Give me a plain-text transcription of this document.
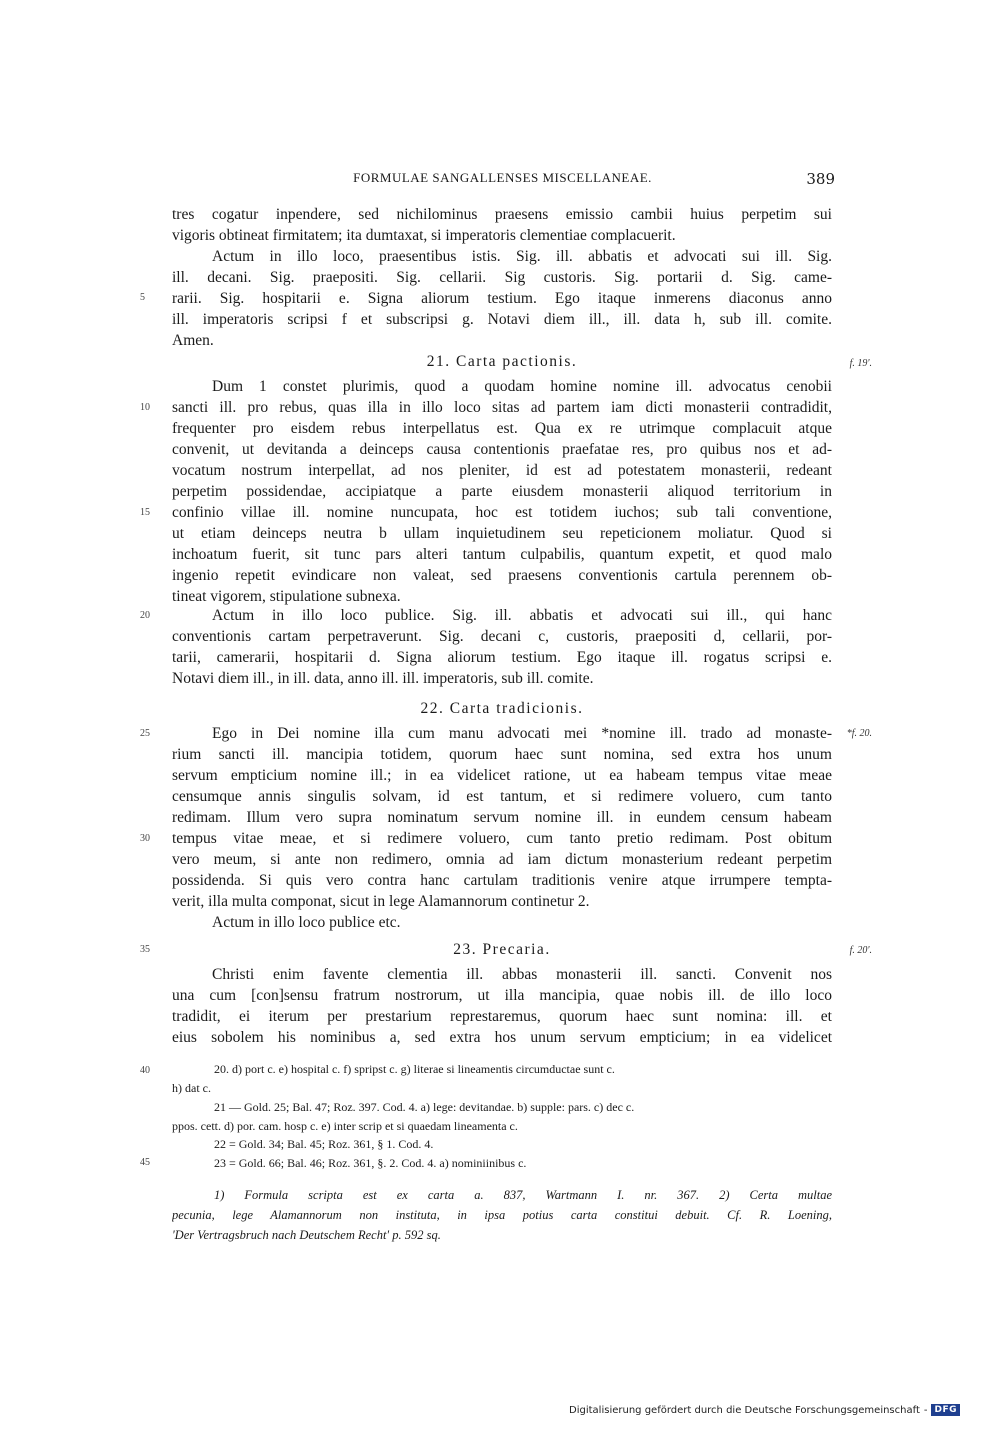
FORMULAE SANGALLENSES MISCELLANEAE.	389
tres cogatur inpendere, sed nichilominus praesens emissio cambii huius perpetim sui
vigoris obtineat firmitatem; ita dumtaxat, si imperatoris clementiae complacuerit.
Actum in illo loco, praesentibus istis. Sig. ill. abbatis et advocati sui ill. Sig.
ill. decani. Sig. praepositi. Sig. cellarii. Sig custoris. Sig. portarii d. Sig. came-
rarii. Sig. hospitarii e. Signa aliorum testium. Ego itaque inmerens diaconus anno
ill. imperatoris scripsi f et subscripsi g. Notavi diem ill., ill. data h, sub ill. comite.
Amen.
21. Carta pactionis.
Dum 1 constet plurimis, quod a quodam homine nomine ill. advocatus cenobii
sancti ill. pro rebus, quas illa in illo loco sitas ad partem iam dicti monasterii contradidit,
frequenter pro eisdem rebus interpellatus est. Qua ex re utrimque complacuit atque
convenit, ut devitanda a deinceps causa contentionis praefatae res, pro quibus nos et ad-
vocatum nostrum interpellat, ad nos pleniter, id est ad potestatem monasterii, redeant
perpetim possidendae, accipiatque a parte eiusdem monasterii aliquod territorium in
confinio villae ill. nomine nuncupata, hoc est totidem iuchos; sub tali conventione,
ut etiam deinceps neutra b ullam inquietudinem seu repeticionem moliatur. Quod si
inchoatum fuerit, sit tunc pars alteri tantum culpabilis, quantum expetit, et quod malo
ingenio repetit evindicare non valeat, sed praesens conventionis cartula perennem ob-
tineat vigorem, stipulatione subnexa.
Actum in illo loco publice. Sig. ill. abbatis et advocati sui ill., qui hanc
conventionis cartam perpetraverunt. Sig. decani c, custoris, praepositi d, cellarii, por-
tarii, camerarii, hospitarii d. Signa aliorum testium. Ego itaque ill. rogatus scripsi e.
Notavi diem ill., in ill. data, anno ill. ill. imperatoris, sub ill. comite.
22. Carta tradicionis.
Ego in Dei nomine illa cum manu advocati mei *nomine ill. trado ad monaste-
rium sancti ill. mancipia totidem, quorum haec sunt nomina, sed extra hos unum
servum empticium nomine ill.; in ea videlicet ratione, ut ea habeam tempus vitae meae
censumque annis singulis solvam, id est tantum, et si redimere voluero, cum tanto
redimam. Illum vero supra nominatum servum nomine ill. in eundem censum habeam
tempus vitae meae, et si redimere voluero, cum tanto pretio redimam. Post obitum
vero meum, si ante non redimero, omnia ad iam dictum monasterium redeant perpetim
possidenda. Si quis vero contra hanc cartulam traditionis venire atque irrumpere tempta-
verit, illa multa componat, sicut in lege Alamannorum continetur 2.
Actum in illo loco publice etc.
23. Precaria.
Christi enim favente clementia ill. abbas monasterii ill. sancti. Convenit nos
una cum [con]sensu fratrum nostrorum, ut illa mancipia, quae nobis ill. de illo loco
tradidit, ei iterum per prestarium represtaremus, quorum haec sunt nomina: ill. et
eius sobolem his nominibus a, sed extra hos unum servum empticium; in ea videlicet
5
10
15
20
25
30
35
40
45
f. 19'.
*f. 20.
f. 20'.
20. d) port c. e) hospital c. f) spripst c. g) literae si lineamentis circumductae sunt c.
h) dat c.
21 — Gold. 25; Bal. 47; Roz. 397. Cod. 4. a) lege: devitandae. b) supple: pars. c) dec c.
ppos. cett. d) por. cam. hosp c. e) inter scrip et si quaedam lineamenta c.
22 = Gold. 34; Bal. 45; Roz. 361, § 1. Cod. 4.
23 = Gold. 66; Bal. 46; Roz. 361, §. 2. Cod. 4. a) nominiinibus c.
1) Formula scripta est ex carta a. 837, Wartmann I. nr. 367. 2) Certa multae
pecunia, lege Alamannorum non instituta, in ipsa potius carta constitui debuit. Cf. R. Loening,
'Der Vertragsbruch nach Deutschem Recht' p. 592 sq.
Digitalisierung gefördert durch die Deutsche Forschungsgemeinschaft - DFG
